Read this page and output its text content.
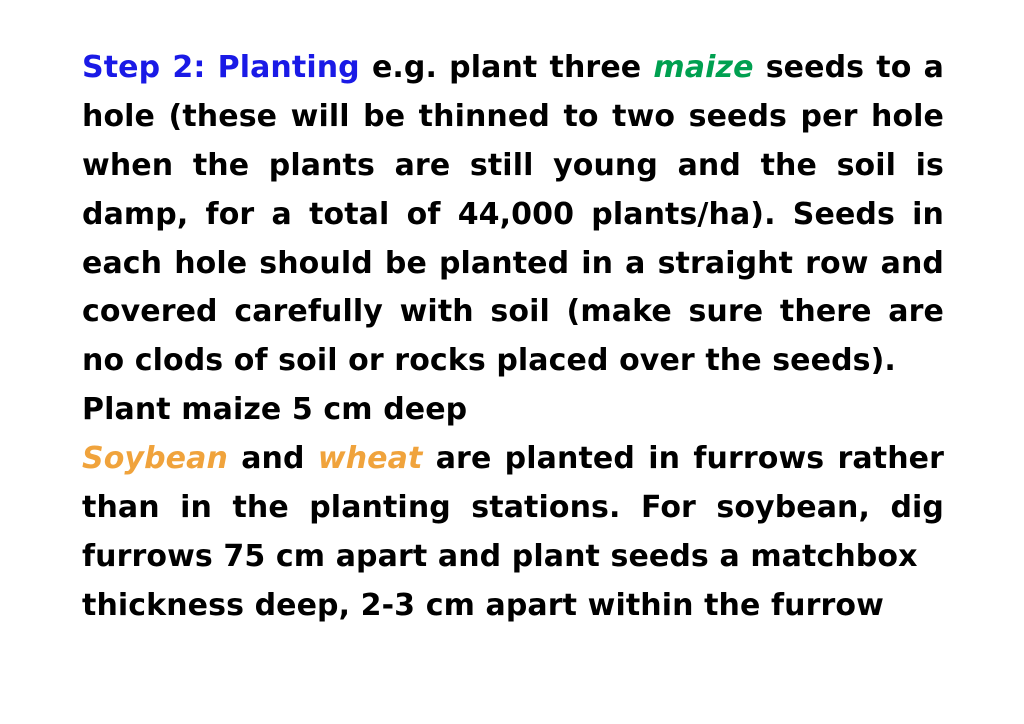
Step 2: Planting e.g. plant three maize seeds to a hole (these will be thinned to two seeds per hole when the plants are still young and the soil is damp, for a total of 44,000 plants/ha). Seeds in each hole should be planted in a straight row and covered carefully with soil (make sure there are no clods of soil or rocks placed over the seeds).

Plant maize 5 cm deep

Soybean and wheat are planted in furrows rather than in the planting stations. For soybean, dig furrows 75 cm apart and plant seeds a matchbox

thickness deep, 2-3 cm apart within the furrow
